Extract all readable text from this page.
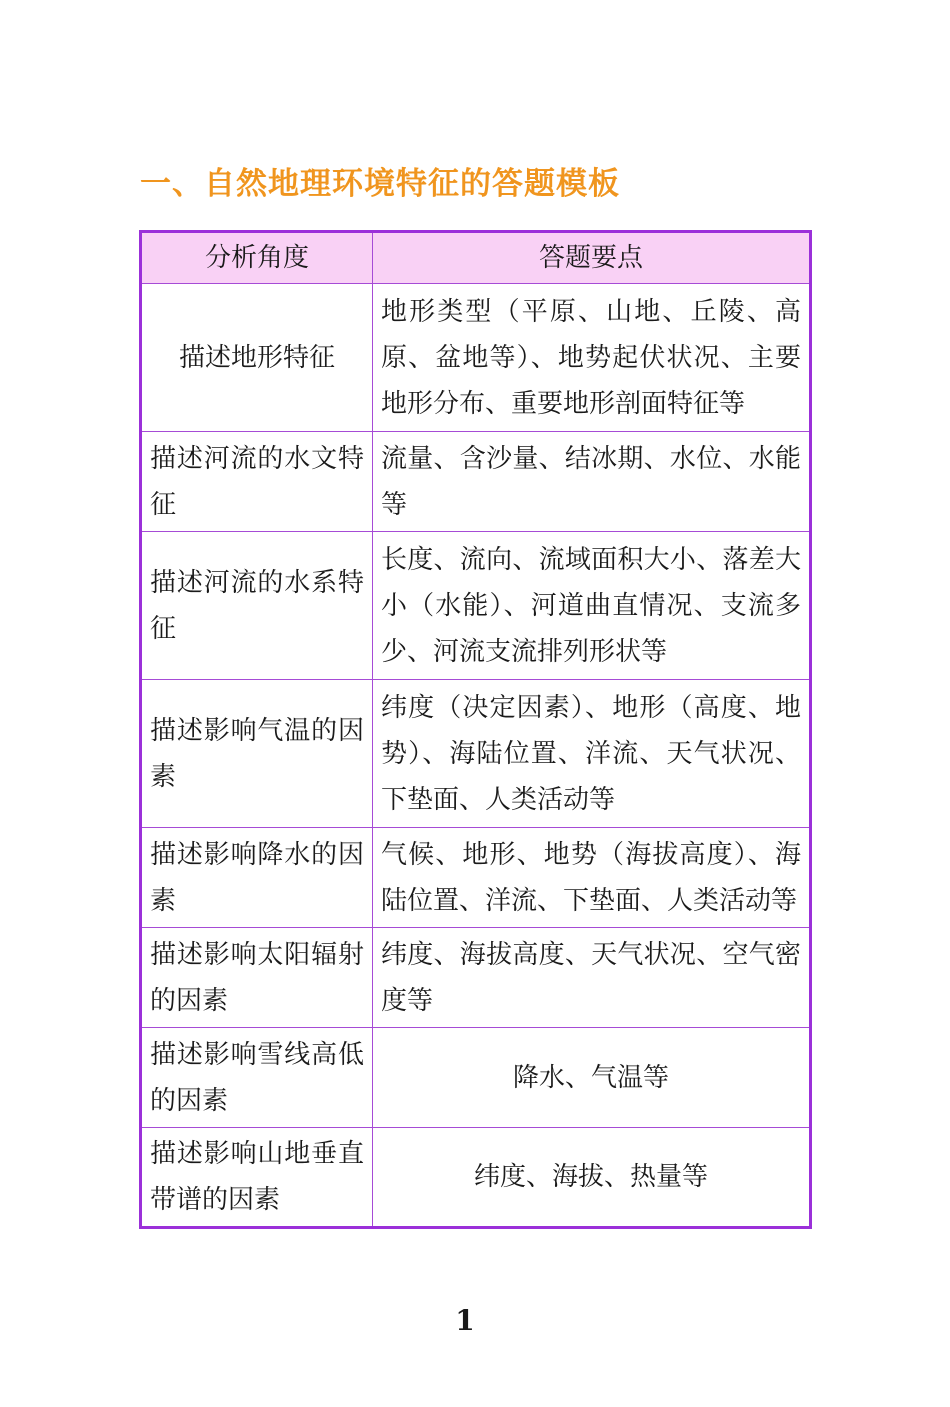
一、自然地理环境特征的答题模板
分析角度	答题要点
描述地形特征	地形类型（平原、山地、丘陵、高原、盆地等）、地势起伏状况、主要地形分布、重要地形剖面特征等
描述河流的水文特征	流量、含沙量、结冰期、水位、水能等
描述河流的水系特征	长度、流向、流域面积大小、落差大小（水能）、河道曲直情况、支流多少、河流支流排列形状等
描述影响气温的因素	纬度（决定因素）、地形（高度、地势）、海陆位置、洋流、天气状况、下垫面、人类活动等
描述影响降水的因素	气候、地形、地势（海拔高度）、海陆位置、洋流、下垫面、人类活动等
描述影响太阳辐射的因素	纬度、海拔高度、天气状况、空气密度等
描述影响雪线高低的因素	降水、气温等
描述影响山地垂直带谱的因素	纬度、海拔、热量等
1
